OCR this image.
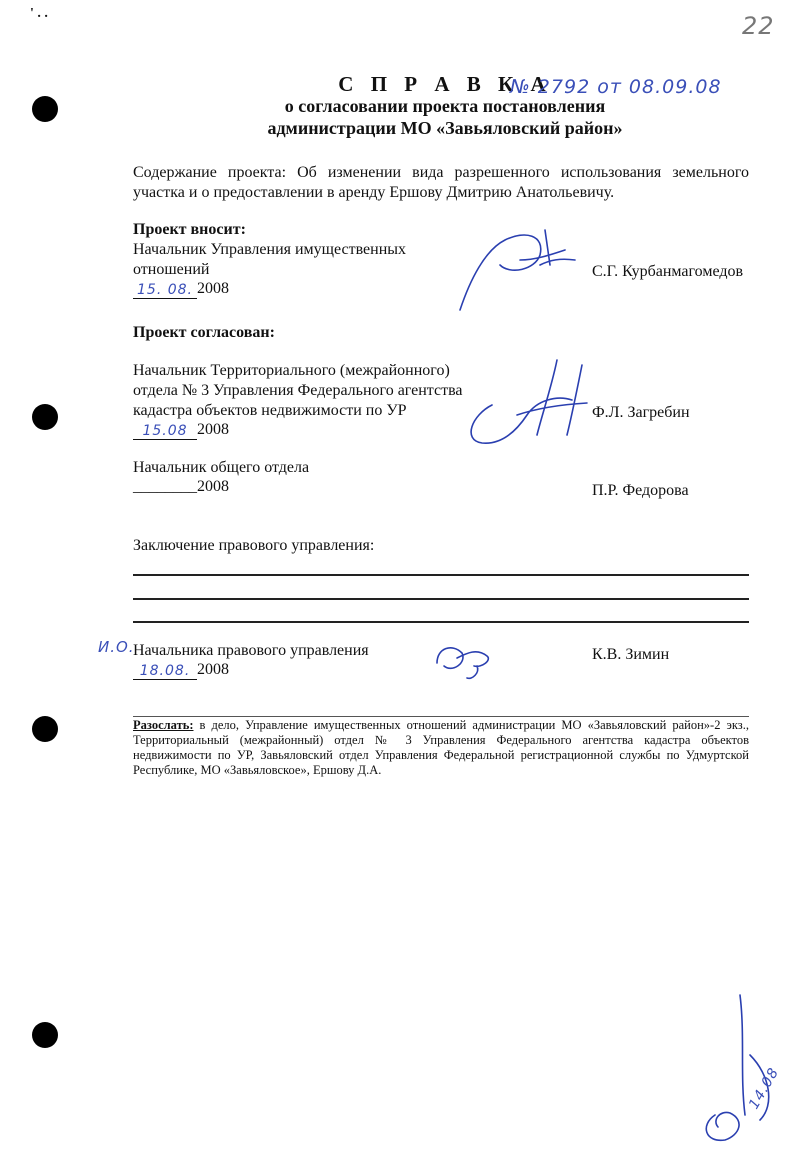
' . .	22
С П Р А В К А
№ 2792 от 08.09.08
о согласовании проекта постановления
администрации МО «Завьяловский район»
Содержание проекта: Об изменении вида разрешенного использования земельного участка и о предоставлении в аренду Ершову Дмитрию Анатольевичу.
Проект вносит:
Начальник Управления имущественных
отношений
15. 08. 2008
С.Г. Курбанмагомедов
Проект согласован:
Начальник Территориального (межрайонного)
отдела № 3 Управления Федерального агентства
кадастра объектов недвижимости по УР
15.08 2008
Ф.Л. Загребин
Начальник общего отдела
________2008	П.Р. Федорова
Заключение правового управления:
И.О.
Начальника правового управления
18.08. 2008
К.В. Зимин
Разослать: в дело, Управление имущественных отношений администрации МО «Завьяловский район»-2 экз., Территориальный (межрайонный) отдел № 3 Управления Федерального агентства кадастра объектов недвижимости по УР, Завьяловский отдел Управления Федеральной регистрационной службы по Удмуртской Республике, МО «Завьяловское», Ершову Д.А.
14.08
